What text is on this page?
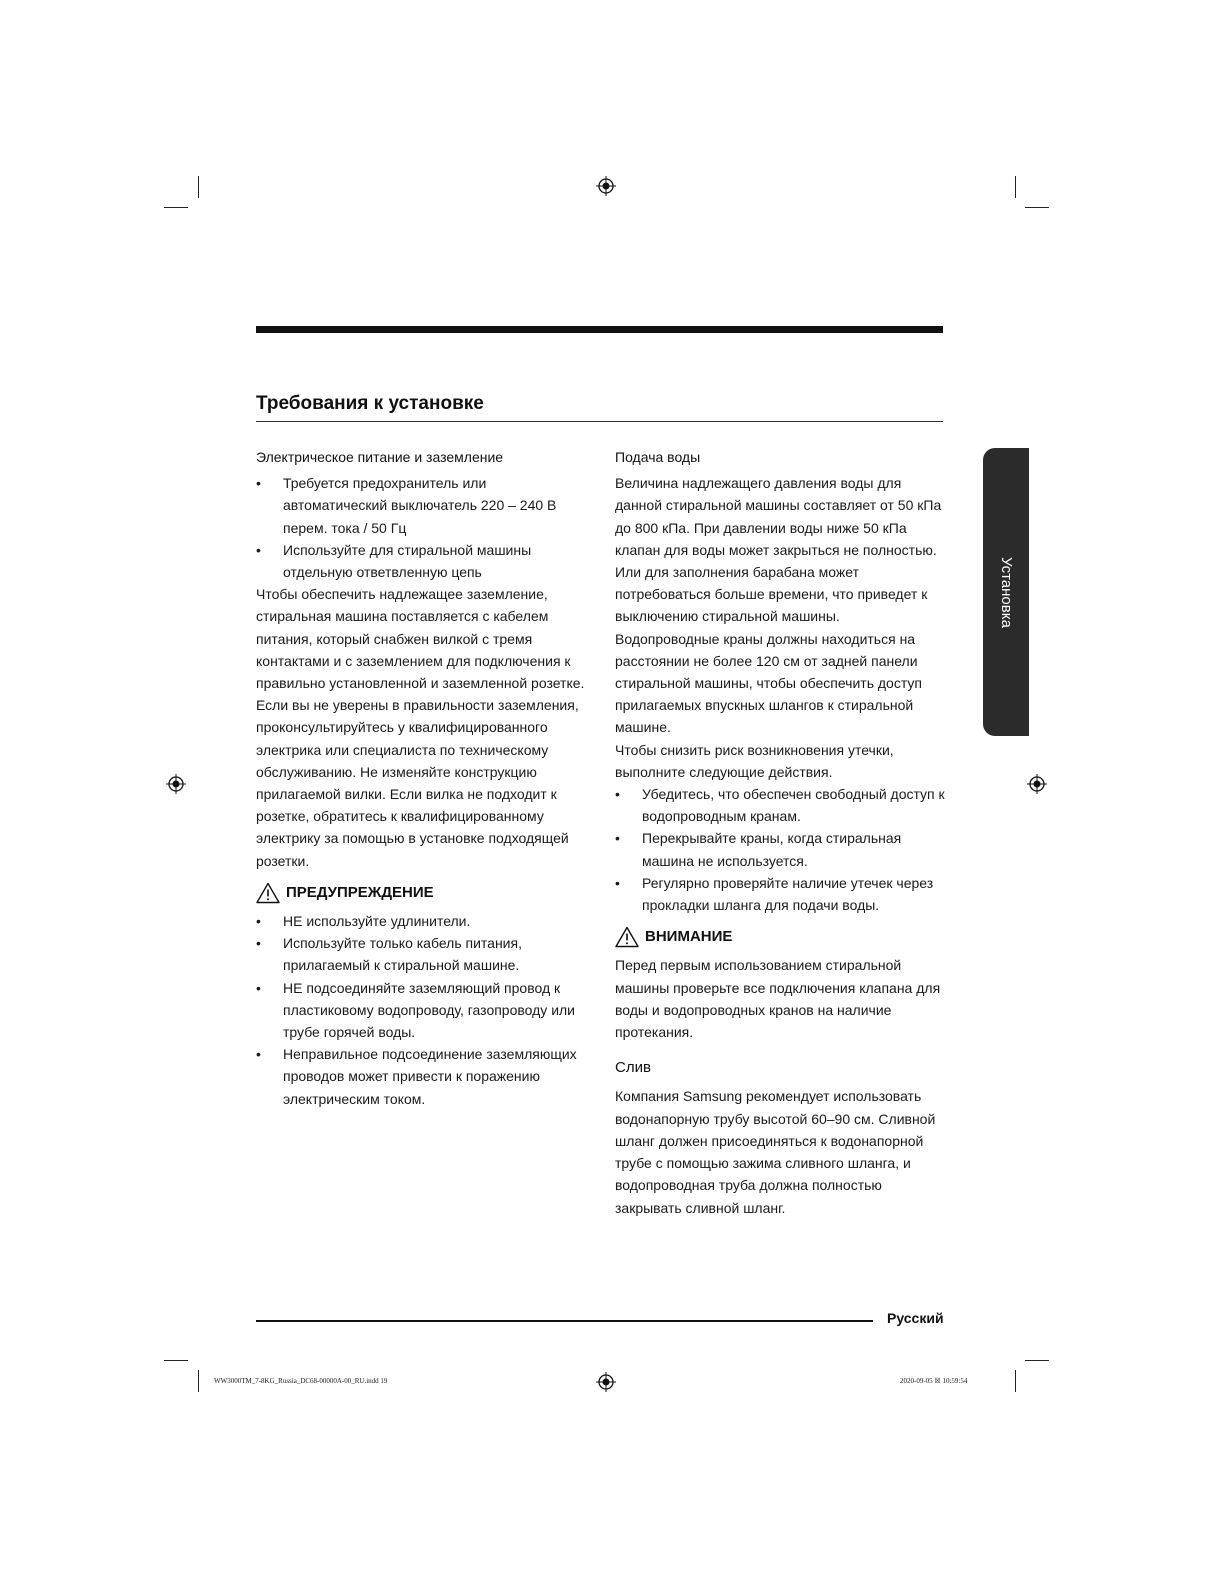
Требования к установке
Установка
Электрическое питание и заземление
• Требуется предохранитель или автоматический выключатель 220 – 240 В перем. тока / 50 Гц
• Используйте для стиральной машины отдельную ответвленную цепь

Чтобы обеспечить надлежащее заземление, стиральная машина поставляется с кабелем питания, который снабжен вилкой с тремя контактами и с заземлением для подключения к правильно установленной и заземленной розетке.

Если вы не уверены в правильности заземления, проконсультируйтесь у квалифицированного электрика или специалиста по техническому обслуживанию. Не изменяйте конструкцию прилагаемой вилки. Если вилка не подходит к розетке, обратитесь к квалифицированному электрику за помощью в установке подходящей розетки.

ПРЕДУПРЕЖДЕНИЕ
• НЕ используйте удлинители.
• Используйте только кабель питания, прилагаемый к стиральной машине.
• НЕ подсоединяйте заземляющий провод к пластиковому водопроводу, газопроводу или трубе горячей воды.
• Неправильное подсоединение заземляющих проводов может привести к поражению электрическим током.
Подача воды

Величина надлежащего давления воды для данной стиральной машины составляет от 50 кПа до 800 кПа. При давлении воды ниже 50 кПа клапан для воды может закрыться не полностью. Или для заполнения барабана может потребоваться больше времени, что приведет к выключению стиральной машины. Водопроводные краны должны находиться на расстоянии не более 120 см от задней панели стиральной машины, чтобы обеспечить доступ прилагаемых впускных шлангов к стиральной машине.

Чтобы снизить риск возникновения утечки, выполните следующие действия.

• Убедитесь, что обеспечен свободный доступ к водопроводным кранам.
• Перекрывайте краны, когда стиральная машина не используется.
• Регулярно проверяйте наличие утечек через прокладки шланга для подачи воды.
ВНИМАНИЕ

Перед первым использованием стиральной машины проверьте все подключения клапана для воды и водопроводных кранов на наличие протекания.

Слив

Компания Samsung рекомендует использовать водонапорную трубу высотой 60–90 см. Сливной шланг должен присоединяться к водонапорной трубе с помощью зажима сливного шланга, и водопроводная труба должна полностью закрывать сливной шланг.

Русский
WW3000TM_7-8KG_Russia_DC68-00000A-00_RU.indd 19	2020-09-05 ☒ 10:59:54
